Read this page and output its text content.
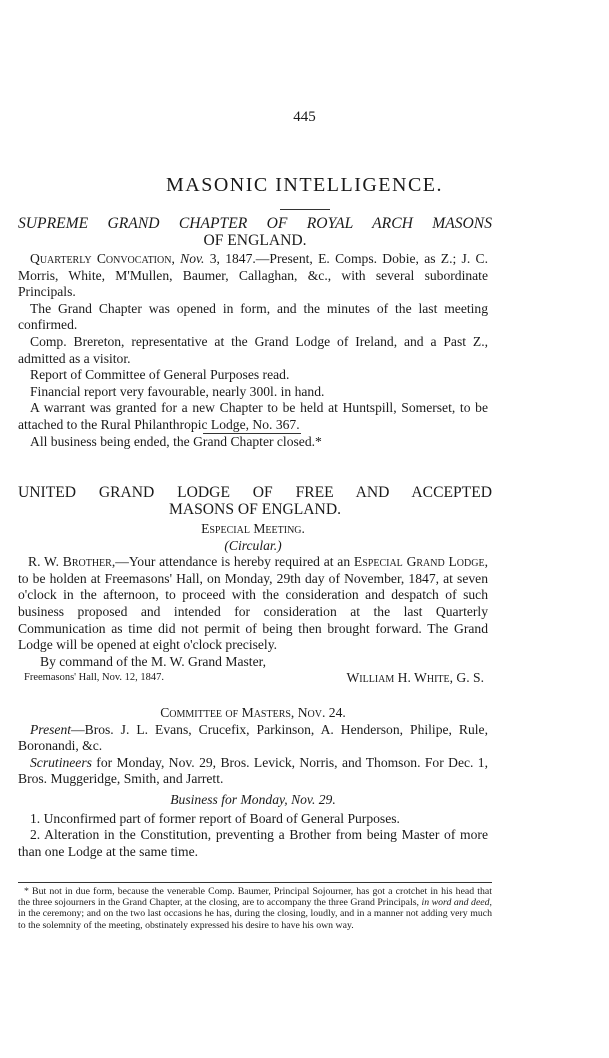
445
MASONIC INTELLIGENCE.
SUPREME GRAND CHAPTER OF ROYAL ARCH MASONS
OF ENGLAND.
Quarterly Convocation, Nov. 3, 1847.—Present, E. Comps. Dobie, as Z.; J. C. Morris, White, M'Mullen, Baumer, Callaghan, &c., with several subordinate Principals.
The Grand Chapter was opened in form, and the minutes of the last meeting confirmed.
Comp. Brereton, representative at the Grand Lodge of Ireland, and a Past Z., admitted as a visitor.
Report of Committee of General Purposes read.
Financial report very favourable, nearly 300l. in hand.
A warrant was granted for a new Chapter to be held at Huntspill, Somerset, to be attached to the Rural Philanthropic Lodge, No. 367.
All business being ended, the Grand Chapter closed.*
UNITED GRAND LODGE OF FREE AND ACCEPTED
MASONS OF ENGLAND.
Especial Meeting.
(Circular.)
R. W. Brother,—Your attendance is hereby required at an Especial Grand Lodge, to be holden at Freemasons' Hall, on Monday, 29th day of November, 1847, at seven o'clock in the afternoon, to proceed with the consideration and despatch of such business proposed and intended for consideration at the last Quarterly Communication as time did not permit of being then brought forward. The Grand Lodge will be opened at eight o'clock precisely.
By command of the M. W. Grand Master,
Freemasons' Hall, Nov. 12, 1847.	William H. White, G. S.
Committee of Masters, Nov. 24.
Present—Bros. J. L. Evans, Crucefix, Parkinson, A. Henderson, Philipe, Rule, Boronandi, &c.
Scrutineers for Monday, Nov. 29, Bros. Levick, Norris, and Thomson. For Dec. 1, Bros. Muggeridge, Smith, and Jarrett.
Business for Monday, Nov. 29.
1. Unconfirmed part of former report of Board of General Purposes.
2. Alteration in the Constitution, preventing a Brother from being Master of more than one Lodge at the same time.
* But not in due form, because the venerable Comp. Baumer, Principal Sojourner, has got a crotchet in his head that the three sojourners in the Grand Chapter, at the closing, are to accompany the three Grand Principals, in word and deed, in the ceremony; and on the two last occasions he has, during the closing, loudly, and in a manner not adding very much to the solemnity of the meeting, obstinately expressed his desire to have his own way.
